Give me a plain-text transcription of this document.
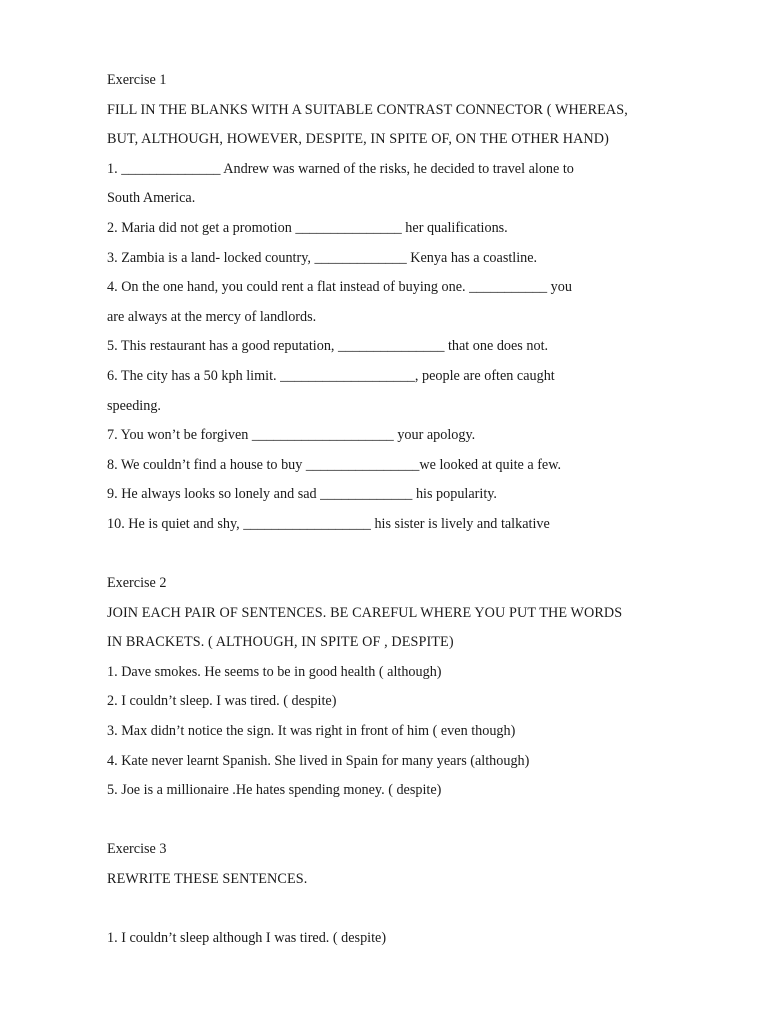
Exercise 1

FILL IN THE BLANKS WITH A SUITABLE CONTRAST CONNECTOR ( WHEREAS,

BUT, ALTHOUGH, HOWEVER, DESPITE, IN SPITE OF, ON THE OTHER HAND)

1. ______________ Andrew was warned of the risks, he decided to travel alone to

South America.

2. Maria did not get a promotion _______________ her qualifications.

3. Zambia is a land- locked country, _____________ Kenya has a coastline.

4. On the one hand, you could rent a flat instead of buying one. ___________ you

are always at the mercy of landlords.

5. This restaurant has a good reputation, _______________ that one does not.

6. The city has a 50 kph limit. ___________________, people are often caught

speeding.

7. You won’t be forgiven ____________________ your apology.

8. We couldn’t find a house to buy ________________we looked at quite a few.

9. He always looks so lonely and sad _____________ his popularity.

10. He is quiet and shy, __________________ his sister is lively and talkative

Exercise 2

JOIN EACH PAIR OF SENTENCES. BE CAREFUL WHERE YOU PUT THE WORDS

IN BRACKETS. ( ALTHOUGH, IN SPITE OF , DESPITE)

1. Dave smokes. He seems to be in good health ( although)

2. I couldn’t sleep. I was tired. ( despite)

3. Max didn’t notice the sign. It was right in front of him ( even though)

4. Kate never learnt Spanish. She lived in Spain for many years (although)

5. Joe is a millionaire .He hates spending money. ( despite)

Exercise 3

REWRITE THESE SENTENCES.

1. I couldn’t sleep although I was tired. ( despite)
